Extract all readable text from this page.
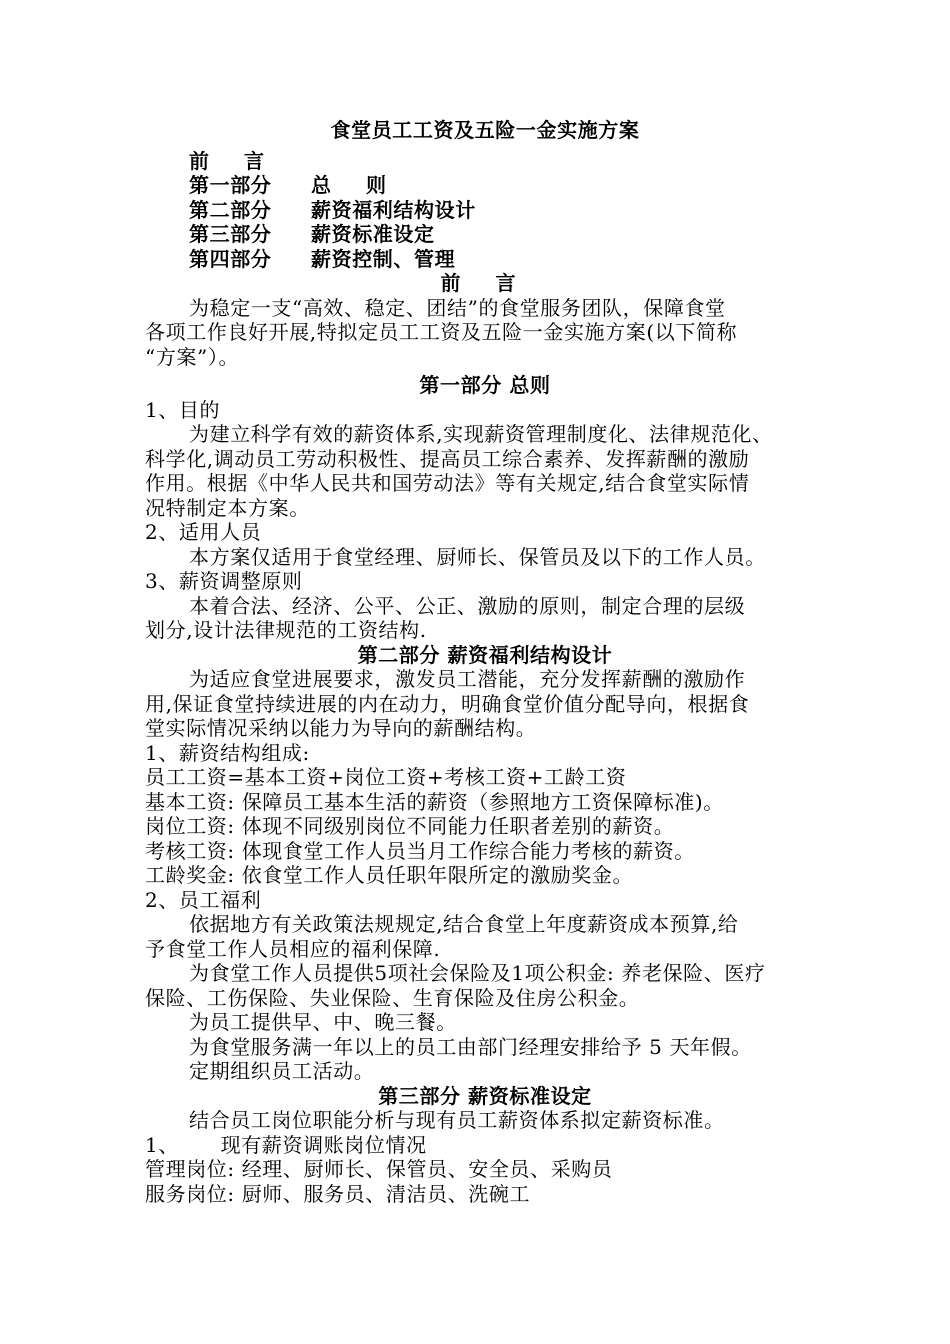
食堂员工工资及五险一金实施方案
前 言
第一部分 总 则
第二部分 薪资福利结构设计
第三部分 薪资标准设定
第四部分 薪资控制、管理
前 言
为稳定一支“高效、稳定、团结”的食堂服务团队，保障食堂
各项工作良好开展,特拟定员工工资及五险一金实施方案(以下简称
“方案”）。
第一部分 总则
1、目的
为建立科学有效的薪资体系,实现薪资管理制度化、法律规范化、
科学化,调动员工劳动积极性、提高员工综合素养、发挥薪酬的激励
作用。根据《中华人民共和国劳动法》等有关规定,结合食堂实际情
况特制定本方案。
2、适用人员
本方案仅适用于食堂经理、厨师长、保管员及以下的工作人员。
3、薪资调整原则
本着合法、经济、公平、公正、激励的原则，制定合理的层级
划分,设计法律规范的工资结构.
第二部分 薪资福利结构设计
为适应食堂进展要求，激发员工潜能，充分发挥薪酬的激励作
用,保证食堂持续进展的内在动力，明确食堂价值分配导向，根据食
堂实际情况采纳以能力为导向的薪酬结构。
1、薪资结构组成:
员工工资=基本工资+岗位工资+考核工资+工龄工资
基本工资: 保障员工基本生活的薪资（参照地方工资保障标准)。
岗位工资: 体现不同级别岗位不同能力任职者差别的薪资。
考核工资: 体现食堂工作人员当月工作综合能力考核的薪资。
工龄奖金: 依食堂工作人员任职年限所定的激励奖金。
2、员工福利
依据地方有关政策法规规定,结合食堂上年度薪资成本预算,给
予食堂工作人员相应的福利保障.
为食堂工作人员提供5项社会保险及1项公积金: 养老保险、医疗
保险、工伤保险、失业保险、生育保险及住房公积金。
为员工提供早、中、晚三餐。
为食堂服务满一年以上的员工由部门经理安排给予 5 天年假。
定期组织员工活动。
第三部分 薪资标准设定
结合员工岗位职能分析与现有员工薪资体系拟定薪资标准。
1、      现有薪资调账岗位情况
管理岗位: 经理、厨师长、保管员、安全员、采购员
服务岗位: 厨师、服务员、清洁员、洗碗工
